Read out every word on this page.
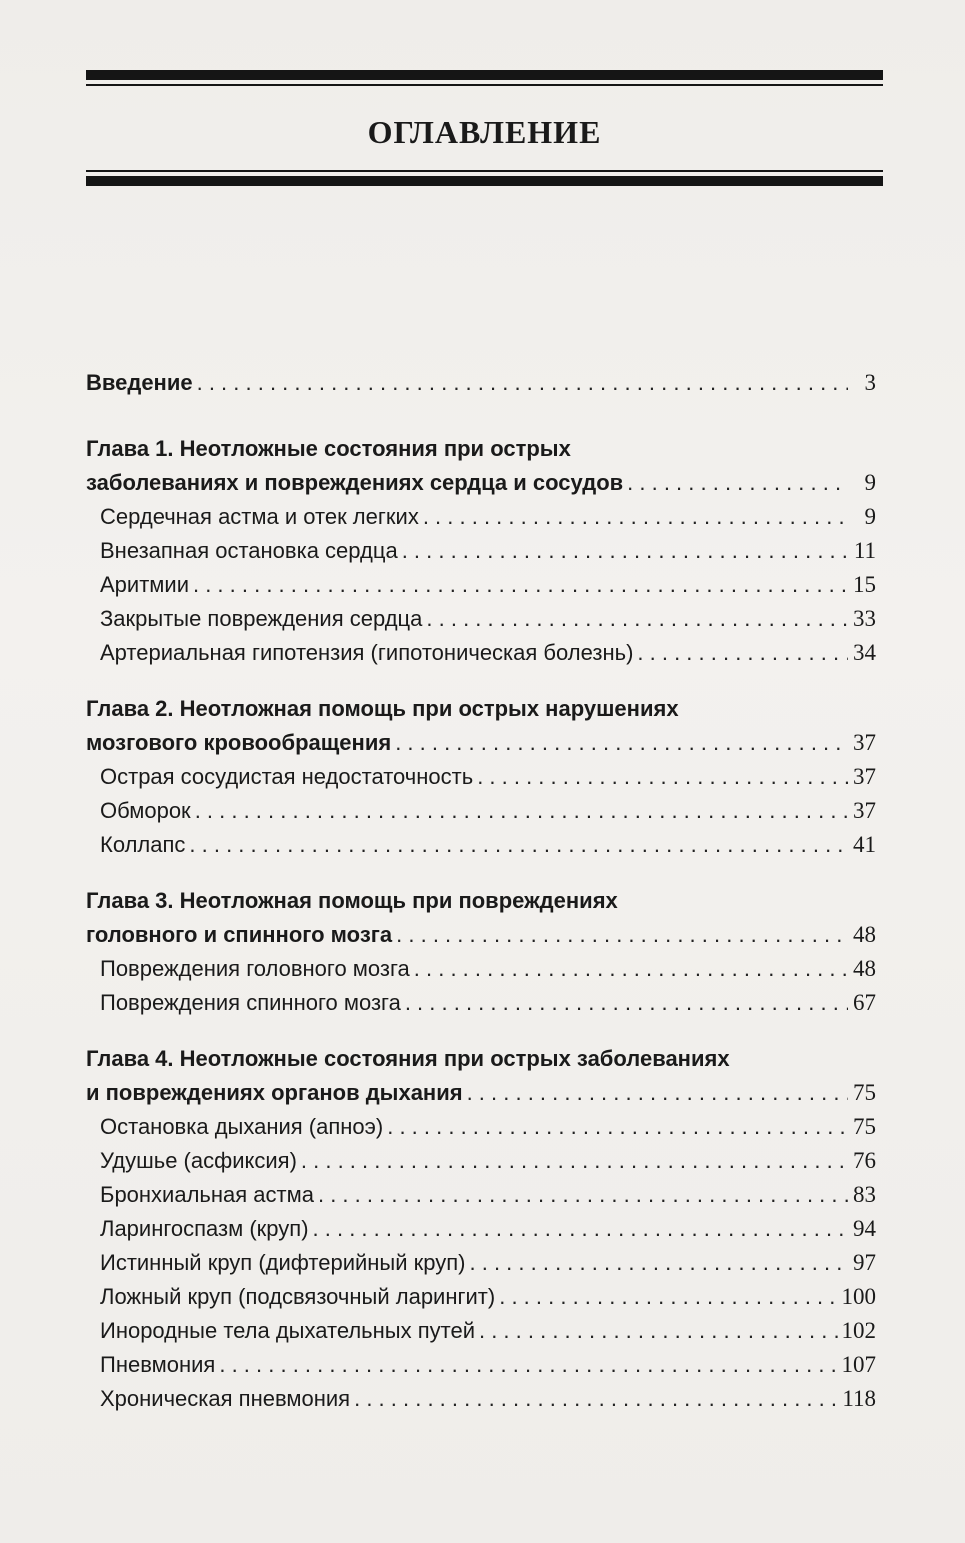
ОГЛАВЛЕНИЕ
Введение . . .	3
Глава 1. Неотложные состояния при острых
заболеваниях и повреждениях сердца и сосудов . . .	9
Сердечная астма и отек легких . . .	9
Внезапная остановка сердца . . .	11
Аритмии . . .	15
Закрытые повреждения сердца . . .	33
Артериальная гипотензия (гипотоническая болезнь) . . .	34
Глава 2. Неотложная помощь при острых нарушениях
мозгового кровообращения . . .	37
Острая сосудистая недостаточность . . .	37
Обморок . . .	37
Коллапс . . .	41
Глава 3. Неотложная помощь при повреждениях
головного и спинного мозга . . .	48
Повреждения головного мозга . . .	48
Повреждения спинного мозга . . .	67
Глава 4. Неотложные состояния при острых заболеваниях
и повреждениях органов дыхания . . .	75
Остановка дыхания (апноэ) . . .	75
Удушье (асфиксия) . . .	76
Бронхиальная астма . . .	83
Ларингоспазм (круп) . . .	94
Истинный круп (дифтерийный круп) . . .	97
Ложный круп (подсвязочный ларингит) . . .	100
Инородные тела дыхательных путей . . .	102
Пневмония . . .	107
Хроническая пневмония . . .	118
